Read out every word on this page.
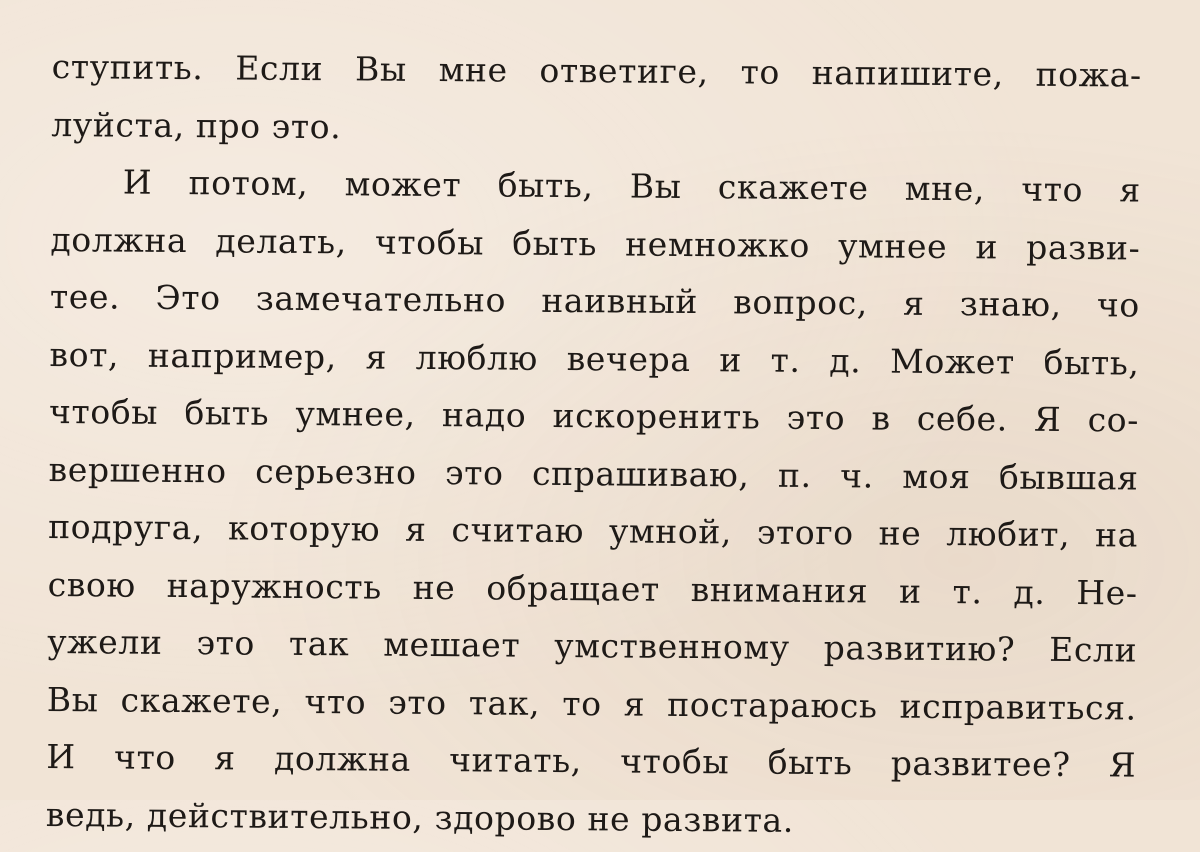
ступить. Если Вы мне ответиге, то напишите, пожа-
луйста, про это.
И потом, может быть, Вы скажете мне, что я
должна делать, чтобы быть немножко умнее и разви-
тее. Это замечательно наивный вопрос, я знаю, чо
вот, например, я люблю вечера и т. д. Может быть,
чтобы быть умнее, надо искоренить это в себе. Я со-
вершенно серьезно это спрашиваю, п. ч. моя бывшая
подруга, которую я считаю умной, этого не любит, на
свою наружность не обращает внимания и т. д. Не-
ужели это так мешает умственному развитию? Если
Вы скажете, что это так, то я постараюсь исправиться.
И что я должна читать, чтобы быть развитее? Я
ведь, действительно, здорово не развита.
